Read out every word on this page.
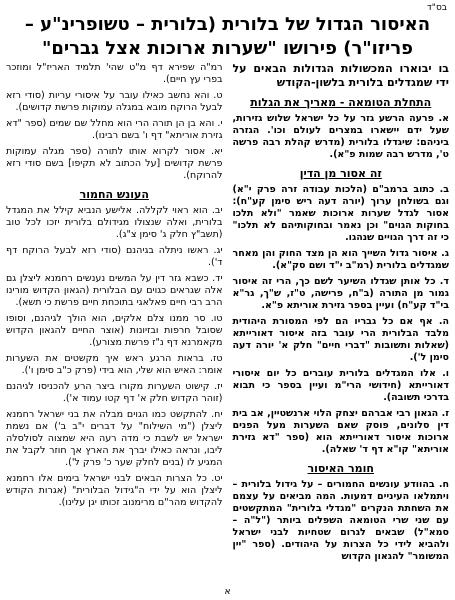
בס"ד
האיסור הגדול של בלורית (בלורית – טשופרינ"ע – פריזו"ר) פירושו "שערות ארוכות אצל גברים"

בו יבוארו המכשולות הגדולות הבאים על ידי שמגדלים בלורית בלשון-הקודש

התחלת הטומאה - מאריך את הגלות

א. פרעה הרשע גזר על כל ישראל שלוש גזירות, שעל ידם יישארו במצרים לעולם וכו'. הגזרה ביניהם: שיגדלו בלורית (מדרש קהלת רבה פרשה ט', מדרש רבה שמות פ"א).

זה אסור מן הדין

ב. כתוב ברמב"ם (הלכות עבודה זרה פרק י"א) וגם בשולחן ערוך (יורה דעה ריש סימן קע"ח): אסור לגדל שערות ארוכות שאמר "ולא תלכו בחוקות הגוים" וכן נאמר ובחוקותיהם לא תלכו" כי זה דרך הגויים שנהגו.

ג. איסור גדול השייך הוא הן מצד החוק והן מאחר שמגדלים בלורית (רמ"ב י"ד ושם סק"א).

ד. כל אותן שגדלו השיער לשם כך, הרי זה איסור גמור מן התורה (ב"ח, פרישה, ט"ז, ש"ך, גר"א בי"ד קע"ח) ועיין בספר גזירת אוריתא פ"א.

ה. אף אם כל גבריו הם לפי המסורת היהודית מלבד הבלורית הרי עובר בזה איסור דאורייתא (שאלות ותשובות "דברי חיים" חלק א' יורה דעה סימן ל').

ו. אלו המגדלים בלורית עוברים כל יום איסורי דאורייתא (חידושי הרי"מ ועיין בספר כי תבוא בדרכי תשובה).

ז. הגאון רבי אברהם יצחק הלוי ארנשטיין, אב בית דין סלונים, פוסק שאם השערות מעל הפנים ארוכות איסור דאורייתא הוא (ספר "דא גזירת אוריתא" קו"א דף ד' שאלה).

חומר האיסור

ח. בהוודע עונשים החמורים – על גידול בלורית – ויתמלאו העיניים דמעות. המה מביאים על עצמם את השחתת הנקרים "מגדלי בלורית" המתקשטים עם שני שרי הטומאה השפלים ביותר ("ל"ה – סמא"ל) שבאים לגרום שטחיות לבני ישראל ולהביא לידי כל הצרות על היהודים. (ספר "יין המשומר" להגאון הקדוש

רמ"ה שפירא דף מ"ט שהי' תלמיד האריז"ל ומוזכר בפרי עץ חיים).

ט. והא נחשב כאילו עובר על איסורי עריות (סודי רזא לבעל הרוקח מובא במגלה עמוקות פרשת קדושים).

י. והא בן הן תורה הרי הוא מחלל שם שמים (ספר "דא גזירת אוריתא" דף ו' בשם רבינו).

יא. אסור לקרוא אותו לתורה (ספר מגלה עמוקות פרשת קדושים [על הכתוב לא תקיפו] בשם סודי רזא להרוקח).

העונש החמור

יב. הוא ראוי לקללה. אלישע הנביא קילל את המגדל בלורית, ואלה שנצולו מגידולם בלורית יזכו לכל טוב (תשב"ץ חלק ג' סימן צ"ג).

יג. ראשו ניתלה בגיהנם (סודי רזא לבעל הרוקח דף ד').

יד. כשבא גזר דין על המשים נענשים רחמנא ליצלן גם אלה שגראים כגוים עם הבלורית (הגאון הקדוש מורינו הרב רבי חיים פאלאגי בתוכחת חיים פרשת כי תשא).

טו. סר ממנו צלם אלקים, הוא הולך לגיהנם, וסופו שסובל חרפות ובזיונות (אוצר החיים להגאון הקדוש מקאמרנא דף נ"ז פרשת מצורע).

טז. בראות הרגע ראש איך מקשטים את השערות אומר: האיש הוא שלי, הוא בידי (פרק כ"ב סימן ו').

יז. קישוט השערות מקורו ביצר הרע להכניסו לגיהנם (זוהר הקדוש חלק א' דף קטו עמוד א').

יח. להתקשט כמו הגוים מבלה את בני ישראל רחמנא ליצלן ("מי השילוח" על דברים י"ב ב') אם נשמת ישראל יש לשבת כי מדה רעה היא שמצוה לסולסלה ליבו, ונראה כאילו יברך את הארץ אך חוזר לקבל את המגיע לו (בנים לחלק שער כ' פרק ל').

יט. כל הצרות הבאים לבני ישראל בימים אלו רחמנא ליצלן הוא על ידי ה"גידול הבלורית" (אגרות הקודש להקדוש מהר"ם מרימנוב זכותו יגן עלינו).

א
